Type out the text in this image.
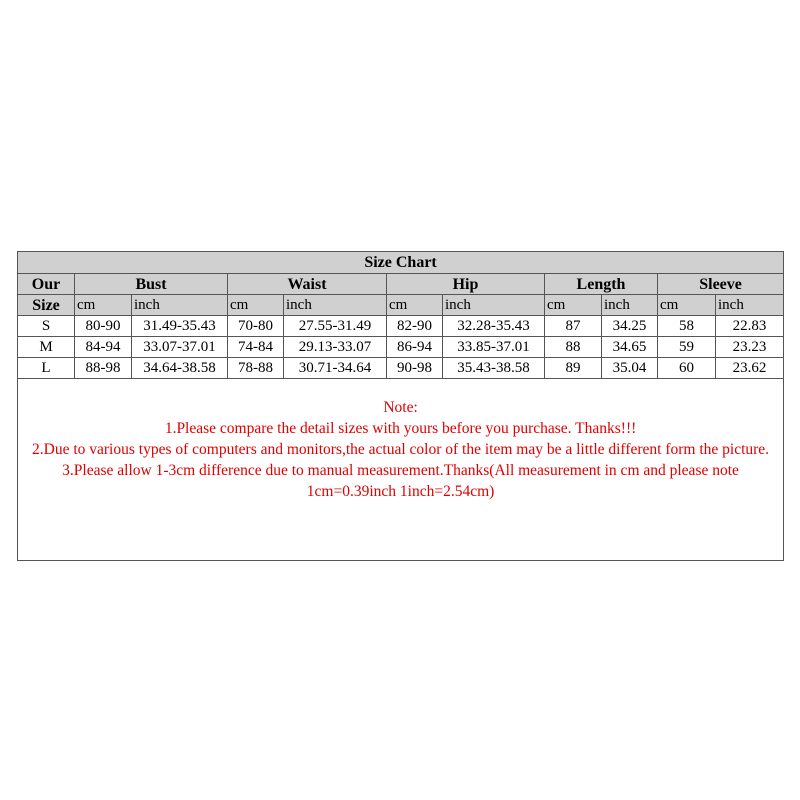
Size Chart										
Our	Bust		Waist		Hip		Length		Sleeve	
Size	cm	inch	cm	inch	cm	inch	cm	inch	cm	inch
S	80-90	31.49-35.43	70-80	27.55-31.49	82-90	32.28-35.43	87	34.25	58	22.83
M	84-94	33.07-37.01	74-84	29.13-33.07	86-94	33.85-37.01	88	34.65	59	23.23
L	88-98	34.64-38.58	78-88	30.71-34.64	90-98	35.43-38.58	89	35.04	60	23.62

Note:

1.Please compare the detail sizes with yours before you purchase. Thanks!!!

2.Due to various types of computers and monitors,the actual color of the item may be a little different form the picture.

3.Please allow 1-3cm difference due to manual measurement.Thanks(All measurement in cm and please note 1cm=0.39inch 1inch=2.54cm)										
